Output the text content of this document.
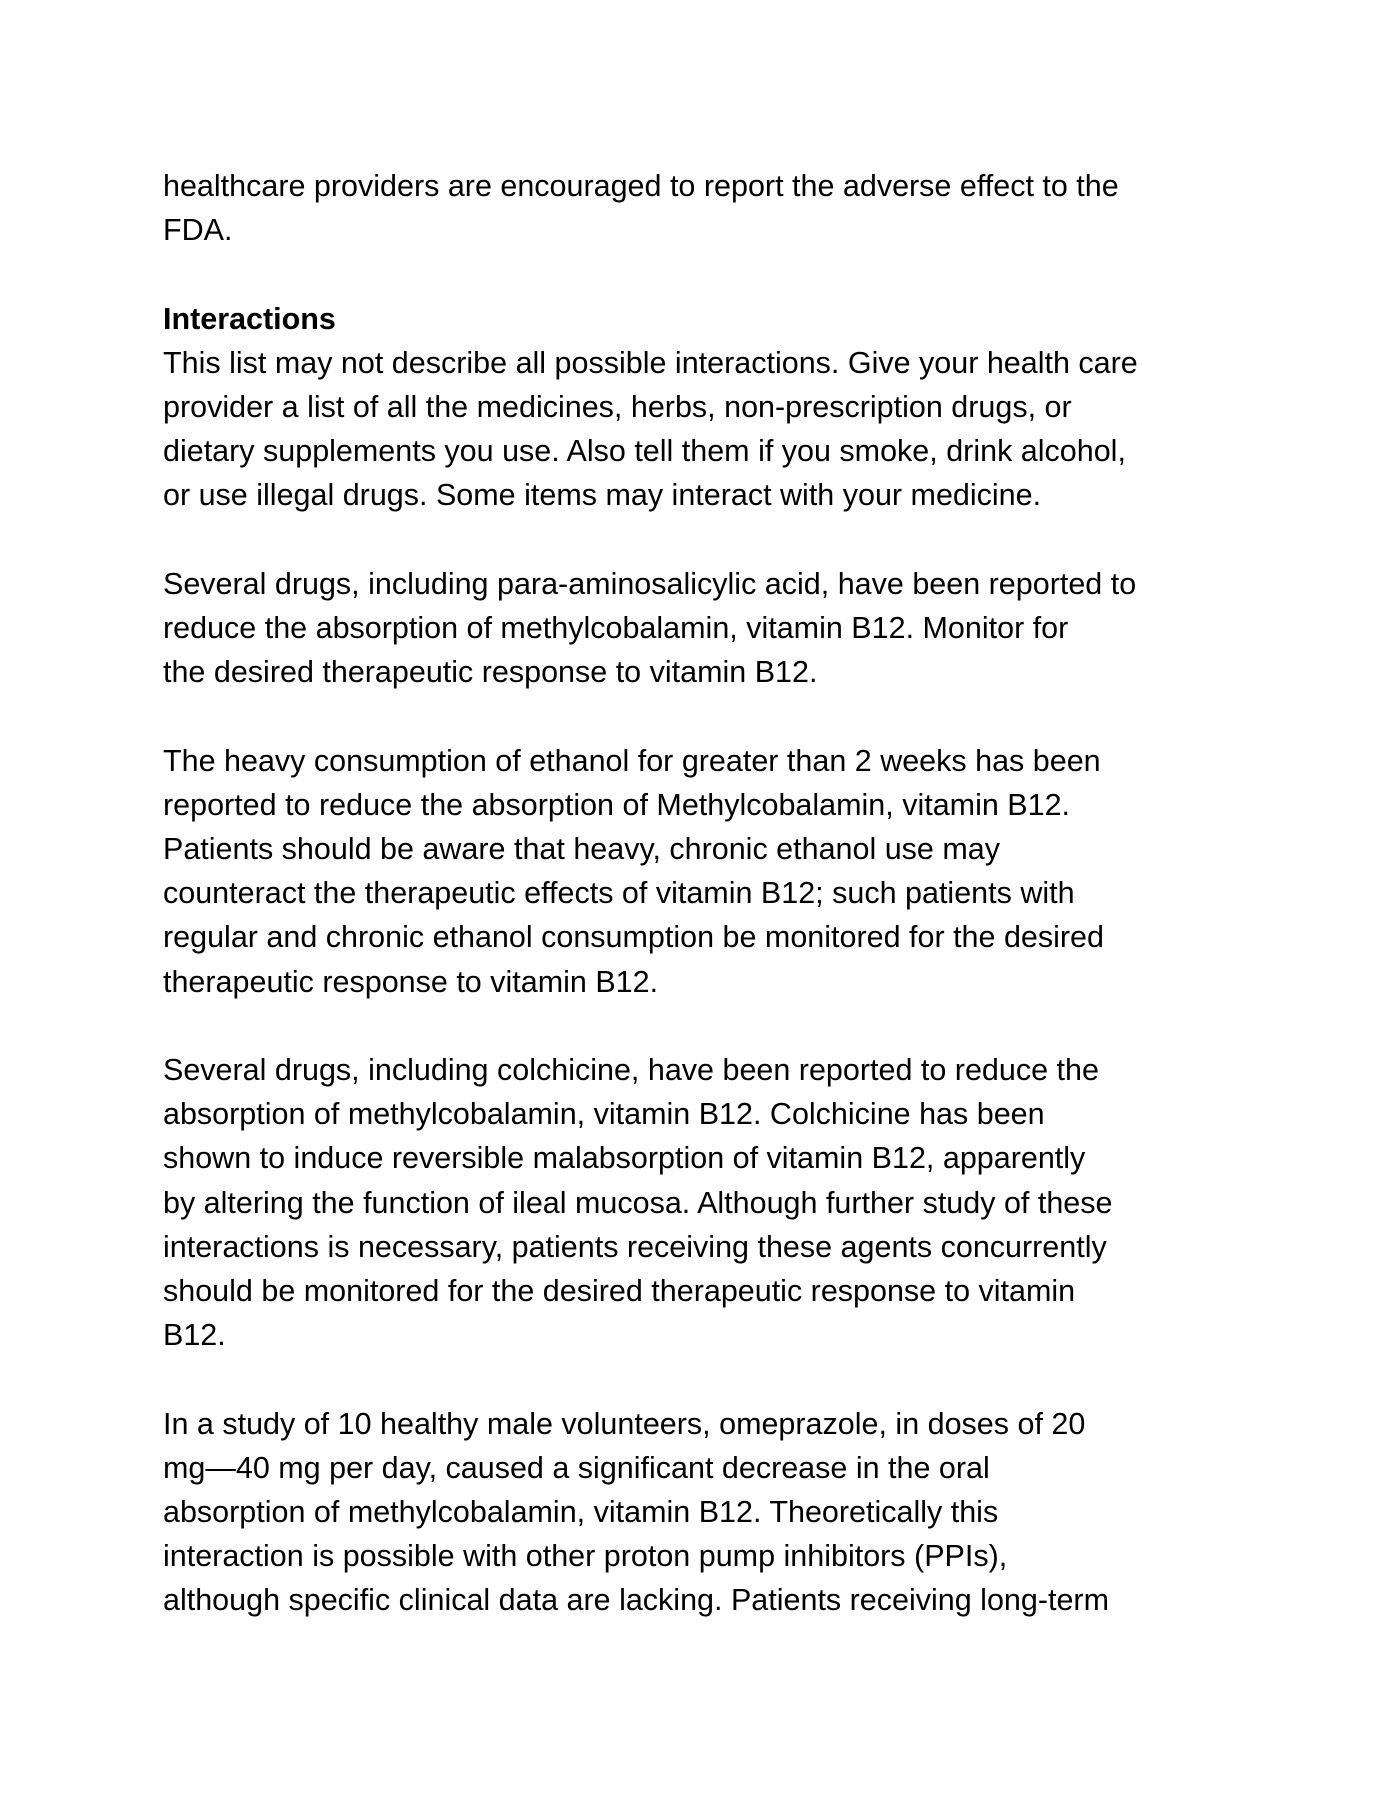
healthcare providers are encouraged to report the adverse effect to the
FDA.

Interactions

This list may not describe all possible interactions. Give your health care
provider a list of all the medicines, herbs, non-prescription drugs, or
dietary supplements you use. Also tell them if you smoke, drink alcohol,
or use illegal drugs. Some items may interact with your medicine.

Several drugs, including para-aminosalicylic acid, have been reported to
reduce the absorption of methylcobalamin, vitamin B12. Monitor for
the desired therapeutic response to vitamin B12.

The heavy consumption of ethanol for greater than 2 weeks has been
reported to reduce the absorption of Methylcobalamin, vitamin B12.
Patients should be aware that heavy, chronic ethanol use may
counteract the therapeutic effects of vitamin B12; such patients with
regular and chronic ethanol consumption be monitored for the desired
therapeutic response to vitamin B12.

Several drugs, including colchicine, have been reported to reduce the
absorption of methylcobalamin, vitamin B12. Colchicine has been
shown to induce reversible malabsorption of vitamin B12, apparently
by altering the function of ileal mucosa. Although further study of these
interactions is necessary, patients receiving these agents concurrently
should be monitored for the desired therapeutic response to vitamin
B12.

In a study of 10 healthy male volunteers, omeprazole, in doses of 20
mg—40 mg per day, caused a significant decrease in the oral
absorption of methylcobalamin, vitamin B12. Theoretically this
interaction is possible with other proton pump inhibitors (PPIs),
although specific clinical data are lacking. Patients receiving long-term
